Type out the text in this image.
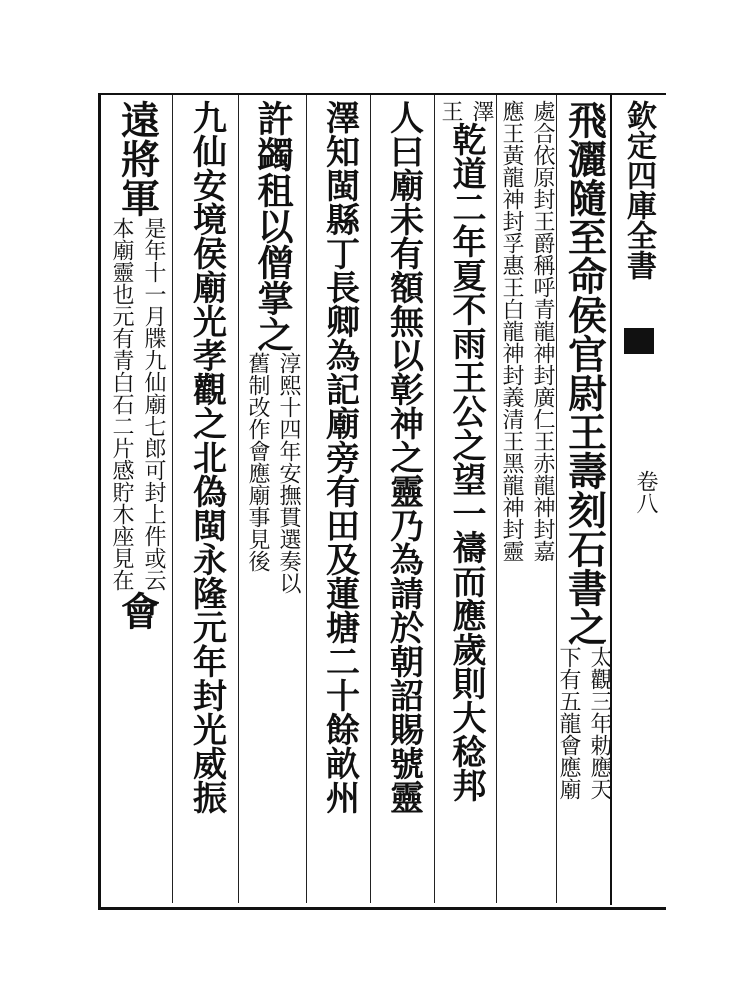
欽定四庫全書
卷八
飛灑隨至命侯官尉王壽刻石書之
太觀三年勅應天
下有五龍會應廟
處合依原封王爵稱呼青龍神封廣仁王赤龍神封嘉
應王黃龍神封孚惠王白龍神封義清王黑龍神封靈
澤
王
乾道二年夏不雨王公之望一禱而應歲則大稔邦
人曰廟未有額無以彰神之靈乃為請於朝詔賜號靈
澤知閩縣丁長卿為記廟旁有田及蓮塘二十餘畝州
許蠲租以僧掌之
淳熙十四年安撫貫選奏以
舊制改作會應廟事見後
九仙安境侯廟光孝觀之北偽閩永隆元年封光威振
遠將軍
是年十一月牒九仙廟七郎可封上件或云
本廟靈也元有青白石二片感貯木座見在
會
